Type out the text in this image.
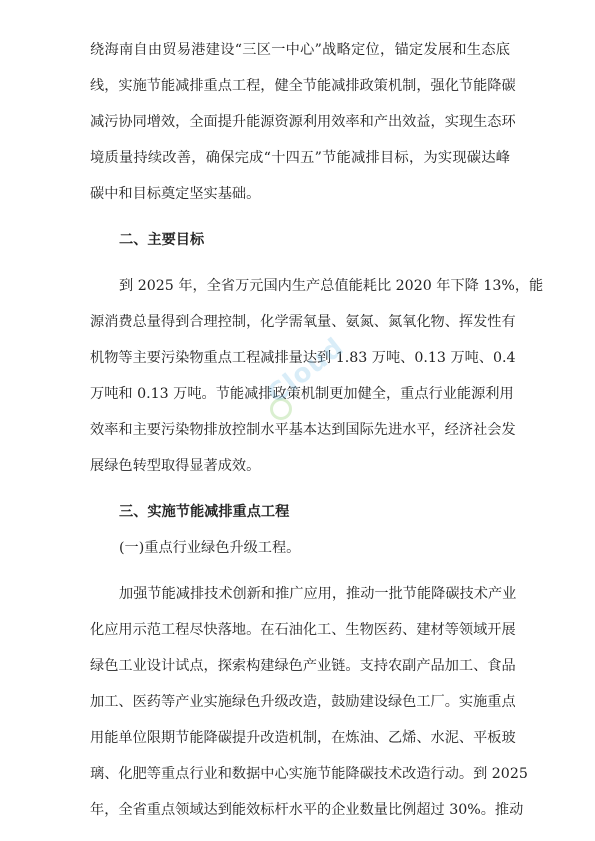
绕海南自由贸易港建设“三区一中心”战略定位，锚定发展和生态底
线，实施节能减排重点工程，健全节能减排政策机制，强化节能降碳
减污协同增效，全面提升能源资源利用效率和产出效益，实现生态环
境质量持续改善，确保完成“十四五”节能减排目标，为实现碳达峰
碳中和目标奠定坚实基础。
二、主要目标
到 2025 年，全省万元国内生产总值能耗比 2020 年下降 13%，能
源消费总量得到合理控制，化学需氧量、氨氮、氮氧化物、挥发性有
机物等主要污染物重点工程减排量达到 1.83 万吨、0.13 万吨、0.4
万吨和 0.13 万吨。节能减排政策机制更加健全，重点行业能源利用
效率和主要污染物排放控制水平基本达到国际先进水平，经济社会发
展绿色转型取得显著成效。
三、实施节能减排重点工程
(一)重点行业绿色升级工程。
加强节能减排技术创新和推广应用，推动一批节能降碳技术产业
化应用示范工程尽快落地。在石油化工、生物医药、建材等领域开展
绿色工业设计试点，探索构建绿色产业链。支持农副产品加工、食品
加工、医药等产业实施绿色升级改造，鼓励建设绿色工厂。实施重点
用能单位限期节能降碳提升改造机制，在炼油、乙烯、水泥、平板玻
璃、化肥等重点行业和数据中心实施节能降碳技术改造行动。到 2025
年，全省重点领域达到能效标杆水平的企业数量比例超过 30%。推动
Cloud
